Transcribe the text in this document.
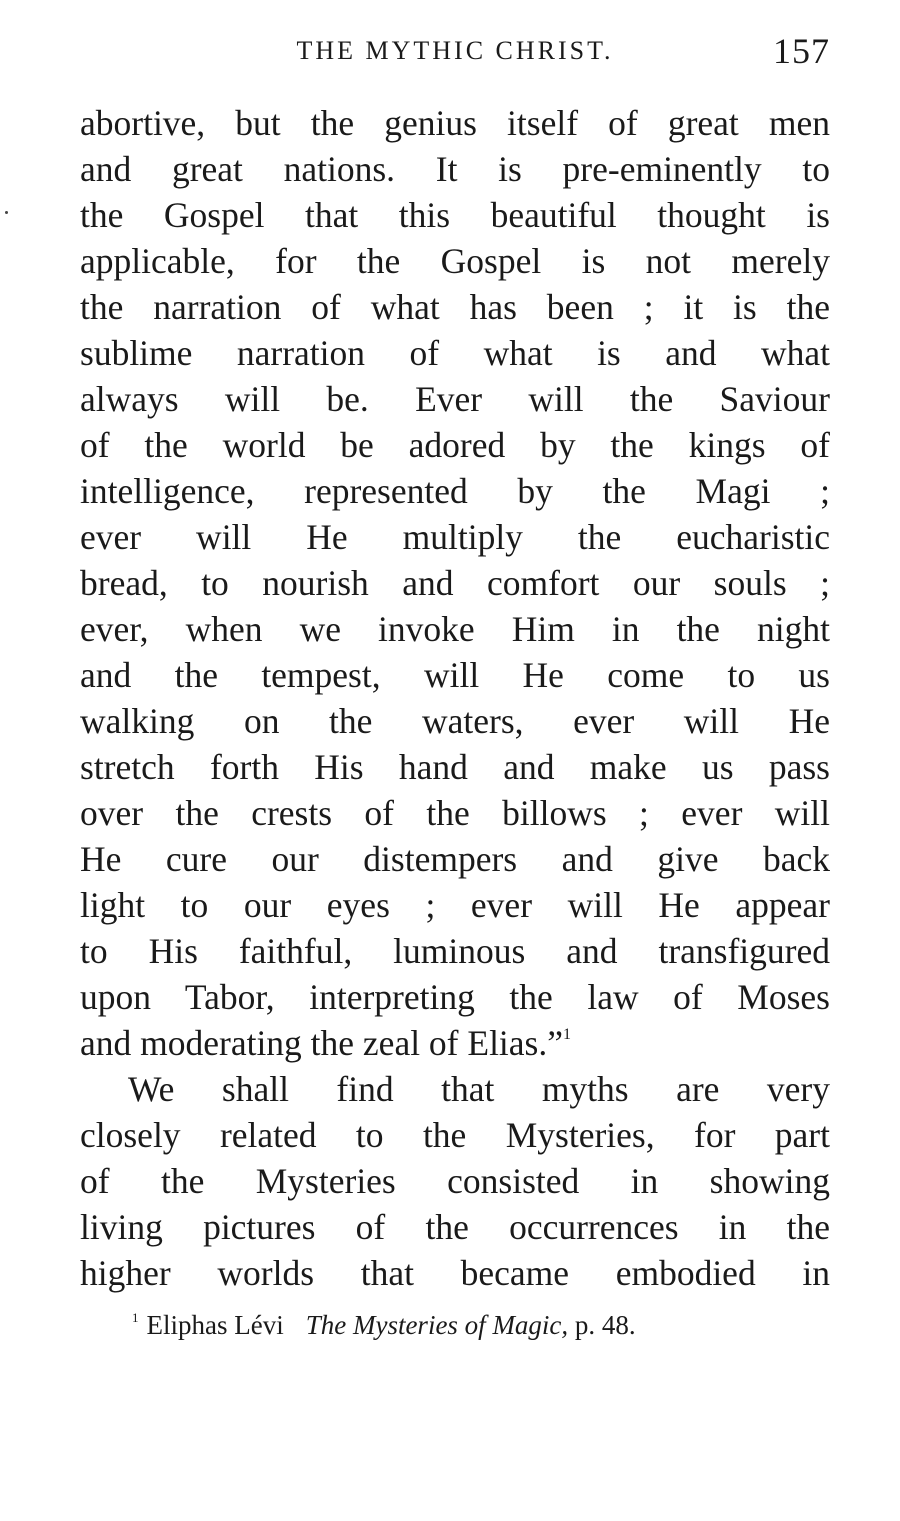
THE MYTHIC CHRIST.	157
abortive, but the genius itself of great men
and great nations. It is pre-eminently to
the Gospel that this beautiful thought is
applicable, for the Gospel is not merely
the narration of what has been ; it is the
sublime narration of what is and what
always will be. Ever will the Saviour
of the world be adored by the kings of
intelligence, represented by the Magi ;
ever will He multiply the eucharistic
bread, to nourish and comfort our souls ;
ever, when we invoke Him in the night
and the tempest, will He come to us
walking on the waters, ever will He
stretch forth His hand and make us pass
over the crests of the billows ; ever will
He cure our distempers and give back
light to our eyes ; ever will He appear
to His faithful, luminous and transfigured
upon Tabor, interpreting the law of Moses
and moderating the zeal of Elias.”$^1$
We shall find that myths are very
closely related to the Mysteries, for part
of the Mysteries consisted in showing
living pictures of the occurrences in the
higher worlds that became embodied in
$^1$ Eliphas Lévi The Mysteries of Magic, p. 48.
